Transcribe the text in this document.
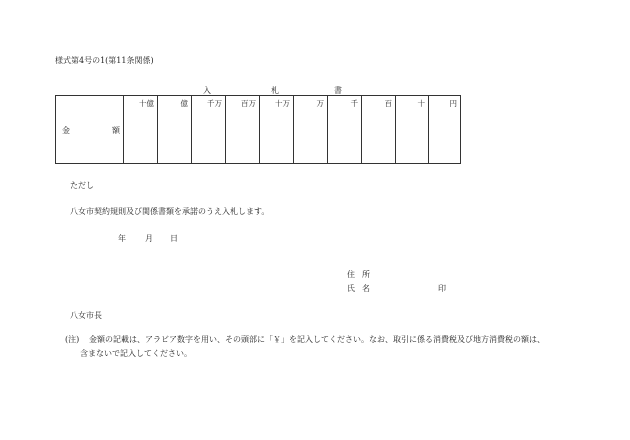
様式第4号の1(第11条関係)
入	札	書
金	額
十億	億	千万	百万	十万	万	千	百	十	円
ただし
八女市契約規則及び関係書類を承諾のうえ入札します。
年 月 日
住 所
氏 名	印
八女市長
(注) 金額の記載は、アラビア数字を用い、その頭部に「￥」を記入してください。なお、取引に係る消費税及び地方消費税の額は、
含まないで記入してください。
